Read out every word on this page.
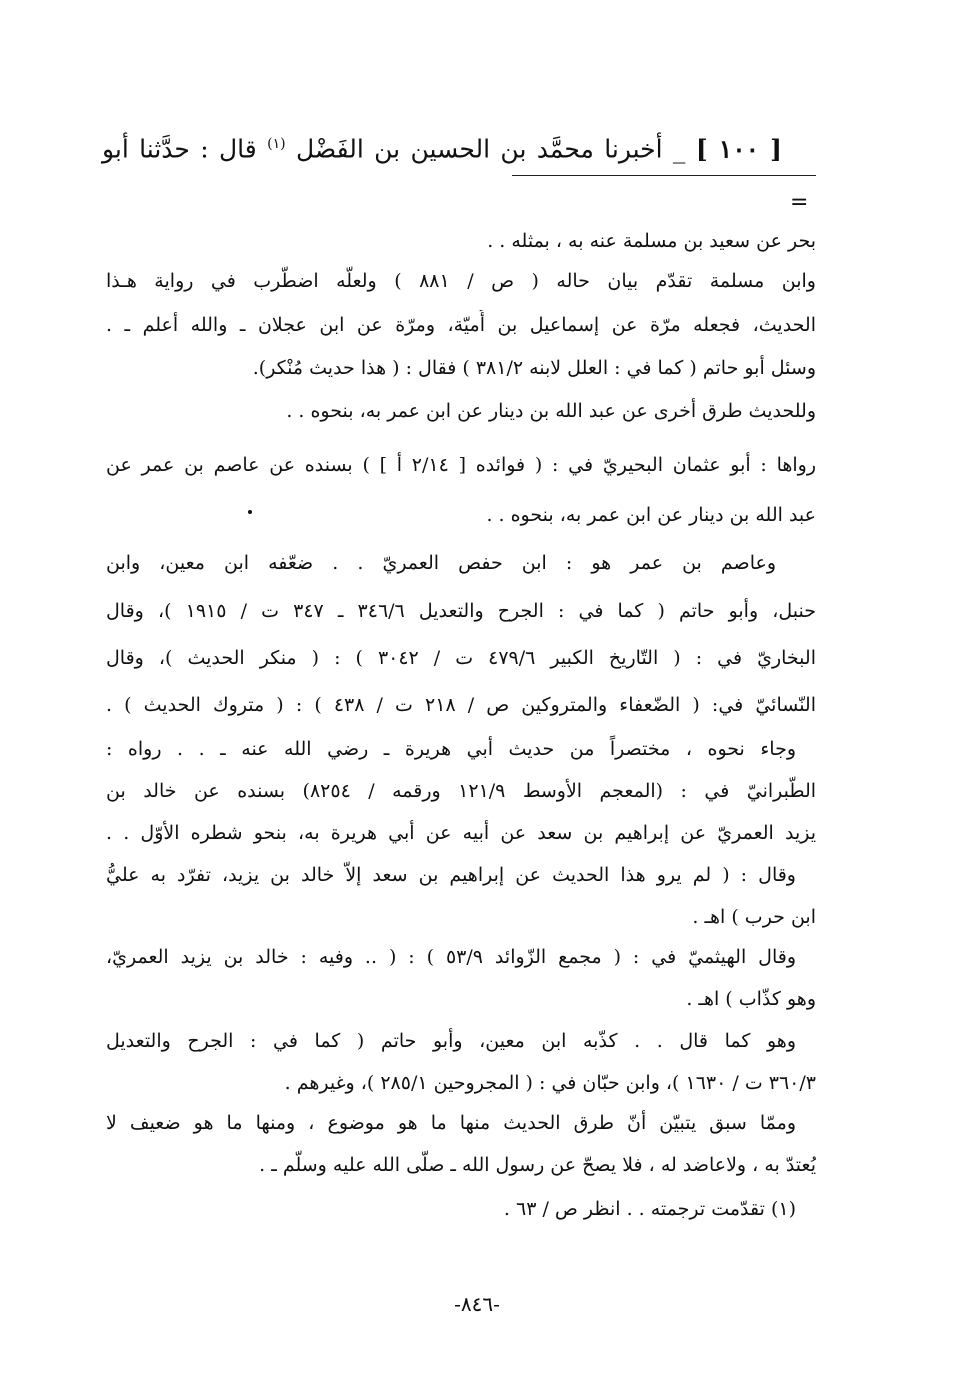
[ ١٠٠ ] _ أخبرنا محمَّد بن الحسين بن الفَضْل $^{(١)}$ قال : حدَّثنا أبو
=
بحر عن سعيد بن مسلمة عنه به ، بمثله . .
وابن مسلمة تقدّم بيان حاله ( ص / ٨٨١ ) ولعلّه اضطّرب في رواية هـذا
الحديث، فجعله مرّة عن إسماعيل بن أُميّة، ومرّة عن ابن عجلان ـ والله أعلم ـ .
وسئل أبو حاتم ( كما في : العلل لابنه ٣٨١/٢ ) فقال : ( هذا حديث مُنْكر).
وللحديث طرق أخرى عن عبد الله بن دينار عن ابن عمر به، بنحوه . .
رواها : أبو عثمان البحيريّ في : ( فوائده [ ٢/١٤ أ ] ) بسنده عن عاصم بن عمر عن
عبد الله بن دينار عن ابن عمر به، بنحوه . .
وعاصم بن عمر هو : ابن حفص العمريّ . . ضعّفه ابن معين، وابن
حنبل، وأبو حاتم ( كما في : الجرح والتعديل ٣٤٦/٦ ـ ٣٤٧ ت / ١٩١٥ )، وقال
البخاريّ في : ( التّاريخ الكبير ٤٧٩/٦ ت / ٣٠٤٢ ) : ( منكر الحديث )، وقال
النّسائيّ في: ( الضّعفاء والمتروكين ص / ٢١٨ ت / ٤٣٨ ) : ( متروك الحديث ) .
وجاء نحوه ، مختصراً من حديث أبي هريرة ـ رضي الله عنه ـ . . رواه :
الطّبرانيّ في : (المعجم الأوسط ١٢١/٩ ورقمه / ٨٢٥٤) بسنده عن خالد بن
يزيد العمريّ عن إبراهيم بن سعد عن أبيه عن أبي هريرة به، بنحو شطره الأوّل . .
وقال : ( لم يرو هذا الحديث عن إبراهيم بن سعد إلاّ خالد بن يزيد، تفرّد به عليُّ
ابن حرب ) اهـ .
وقال الهيثميّ في : ( مجمع الزّوائد ٥٣/٩ ) : ( .. وفيه : خالد بن يزيد العمريّ،
وهو كذّاب ) اهـ .
وهو كما قال . . كذّبه ابن معين، وأبو حاتم ( كما في : الجرح والتعديل
٣٦٠/٣ ت / ١٦٣٠ )، وابن حبّان في : ( المجروحين ٢٨٥/١ )، وغيرهم .
وممّا سبق يتبيّن أنّ طرق الحديث منها ما هو موضوع ، ومنها ما هو ضعيف لا
يُعتدّ به ، ولاعاضد له ، فلا يصحّ عن رسول الله ـ صلّى الله عليه وسلّم ـ .
(١) تقدّمت ترجمته . . انظر ص / ٦٣ .
-٨٤٦-
